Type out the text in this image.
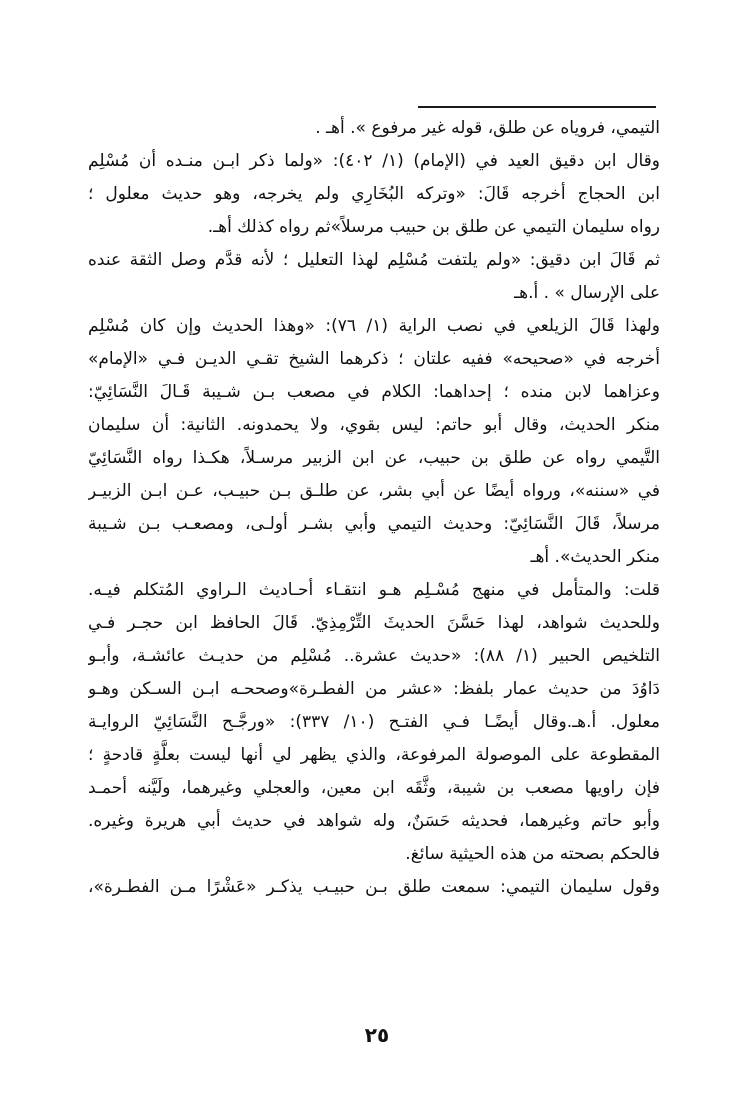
التيمي، فروياه عن طلق، قوله غير مرفوع ». أهـ .
وقال ابن دقيق العيد في (الإمام) (١/ ٤٠٢): «ولما ذكر ابـن منـده أن مُسْلِم
ابن الحجاج أخرجه قَالَ: «وتركه البُخَارِي ولم يخرجه، وهو حديث معلول ؛
رواه سليمان التيمي عن طلق بن حبيب مرسلاً»ثم رواه كذلك أهـ.
ثم قَالَ ابن دقيق: «ولم يلتفت مُسْلِم لهذا التعليل ؛ لأنه قدَّم وصل الثقة عنده
على الإرسال » . أ.هـ
ولهذا قَالَ الزيلعي في نصب الراية (١/ ٧٦): «وهذا الحديث وإن كان مُسْلِم
أخرجه في «صحيحه» ففيه علتان ؛ ذكرهما الشيخ تقـي الديـن فـي «الإمام»
وعزاهما لابن منده ؛ إحداهما: الكلام في مصعب بـن شـيبة قَـالَ النَّسَائِيّ:
منكر الحديث، وقال أبو حاتم: ليس بقوي، ولا يحمدونه. الثانية: أن سليمان
التَّيمي رواه عن طلق بن حبيب، عن ابن الزبير مرسـلاً، هكـذا رواه النَّسَائِيّ
في «سننه»، ورواه أيضًا عن أبي بشر، عن طلـق بـن حبيـب، عـن ابـن الزبيـر
مرسلاً، قَالَ النَّسَائِيّ: وحديث التيمي وأبي بشـر أولـى، ومصعـب بـن شـيبة
منكر الحديث». أهـ
قلت: والمتأمل في منهج مُسْـلِم هـو انتقـاء أحـاديث الـراوي المُتكلم فيـه.
وللحديث شواهد، لهذا حَسَّنَ الحديثَ التِّرْمِذِيّ. قَالَ الحافظ ابن حجـر فـي
التلخيص الحبير (١/ ٨٨): «حديث عشرة.. مُسْلِم من حديـث عائشـة، وأبـو
دَاوُدَ من حديث عمار بلفظ: «عشر من الفطـرة»وصححـه ابـن السـكن وهـو
معلول. أ.هـ.وقال أيضًـا فـي الفتـح (١٠/ ٣٣٧): «ورجَّـح النَّسَائِيّ الروايـة
المقطوعة على الموصولة المرفوعة، والذي يظهر لي أنها ليست بعلَّةٍ قادحةٍ ؛
فإن راويها مصعب بن شيبة، وثَّقَه ابن معين، والعجلي وغيرهما، ولَيَّنه أحمـد
وأبو حاتم وغيرهما، فحديثه حَسَنٌ، وله شواهد في حديث أبي هريرة وغيره.
فالحكم بصحته من هذه الحيثية سائغ.
وقول سليمان التيمي: سمعت طلق بـن حبيـب يذكـر «عَشْرًا مـن الفطـرة»،
٢٥
